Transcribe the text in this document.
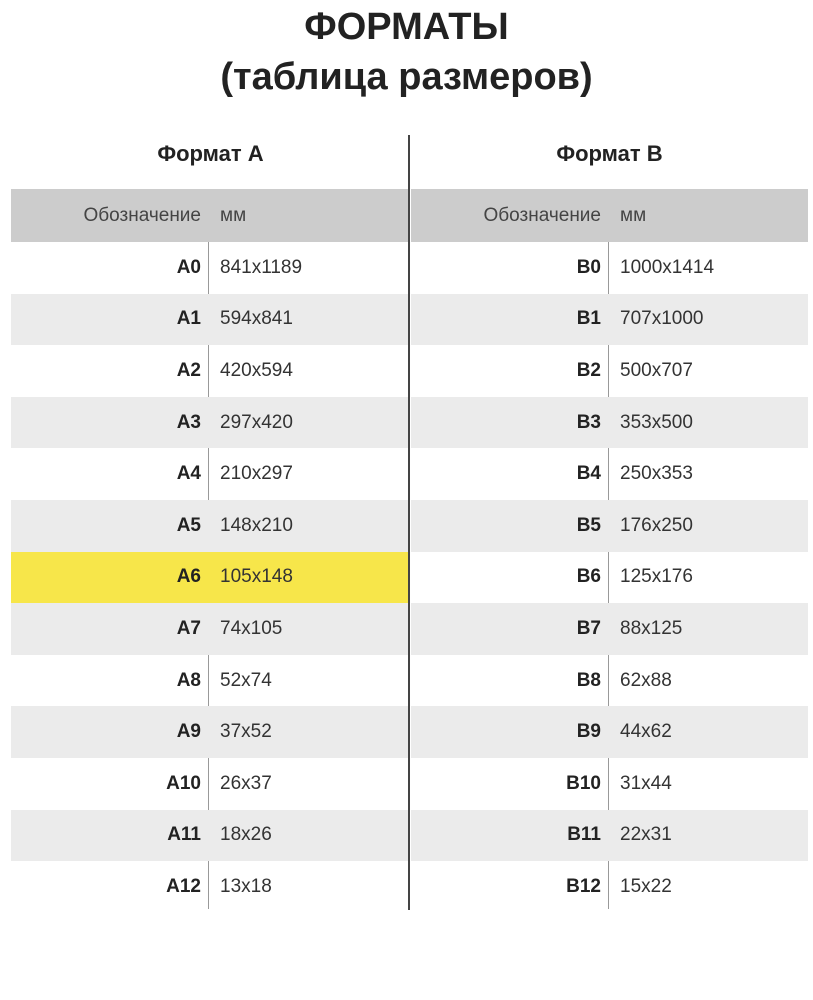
ФОРМАТЫ
(таблица размеров)
Формат А	Формат В
Обозначение	мм
А0	841x1189
А1	594x841
А2	420x594
А3	297x420
А4	210x297
А5	148x210
А6	105x148
А7	74x105
А8	52x74
А9	37x52
А10	26x37
А11	18x26
А12	13x18
Обозначение	мм
В0	1000x1414
В1	707x1000
В2	500x707
В3	353x500
В4	250x353
В5	176x250
В6	125x176
В7	88x125
В8	62x88
В9	44x62
В10	31x44
В11	22x31
В12	15x22
